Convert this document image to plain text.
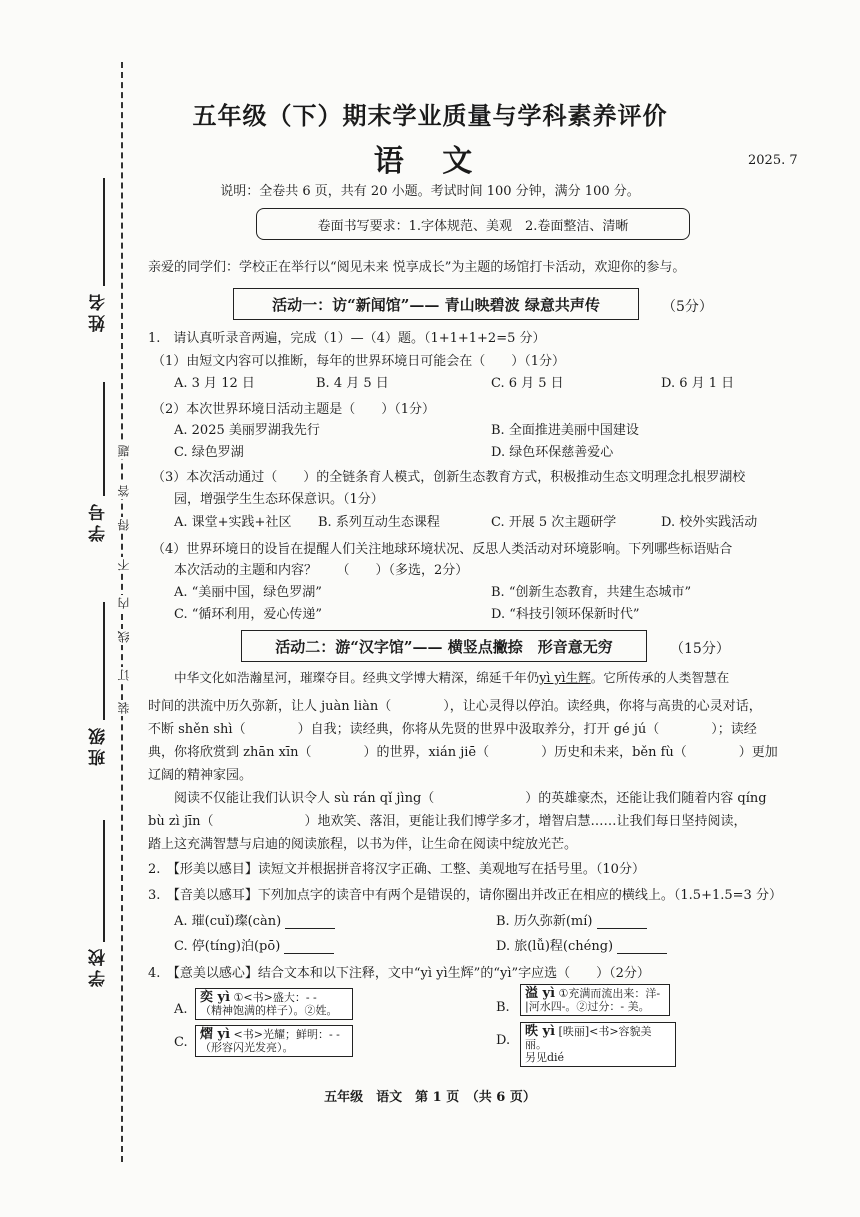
姓名
学号
班级
学校
题
答
得
不
内
线
订
装
五年级（下）期末学业质量与学科素养评价
语 文	2025. 7
说明：全卷共 6 页，共有 20 小题。考试时间 100 分钟，满分 100 分。
卷面书写要求：1.字体规范、美观　2.卷面整洁、清晰
亲爱的同学们：学校正在举行以“阅见未来 悦享成长”为主题的场馆打卡活动，欢迎你的参与。
活动一：访“新闻馆”—— 青山映碧波 绿意共声传	（5分）
1.　请认真听录音两遍，完成（1）—（4）题。（1+1+1+2=5 分）
（1）由短文内容可以推断，每年的世界环境日可能会在（　　）（1分）
A. 3 月 12 日	B. 4 月 5 日	C. 6 月 5 日	D. 6 月 1 日
（2）本次世界环境日活动主题是（　　）（1分）
A. 2025 美丽罗湖我先行	B. 全面推进美丽中国建设
C. 绿色罗湖	D. 绿色环保慈善爱心
（3）本次活动通过（　　）的全链条育人模式，创新生态教育方式，积极推动生态文明理念扎根罗湖校
园，增强学生生态环保意识。（1分）
A. 课堂+实践+社区 B. 系列互动生态课程	C. 开展 5 次主题研学	D. 校外实践活动
（4）世界环境日的设旨在提醒人们关注地球环境状况、反思人类活动对环境影响。下列哪些标语贴合
本次活动的主题和内容？　　（　　）（多选，2分）
A. “美丽中国，绿色罗湖”	B. “创新生态教育，共建生态城市”
C. “循环利用，爱心传递”	D. “科技引领环保新时代”
活动二：游“汉字馆”—— 横竖点撇捺　形音意无穷	（15分）
中华文化如浩瀚星河，璀璨夺目。经典文学博大精深，绵延千年仍yì yì生辉。它所传承的人类智慧在
时间的洪流中历久弥新，让人 juàn liàn（　　　　），让心灵得以停泊。读经典，你将与高贵的心灵对话，
不断 shěn shì（　　　　）自我；读经典，你将从先贤的世界中汲取养分，打开 gé jú（　　　　）；读经
典，你将欣赏到 zhān xīn（　　　　）的世界，xián jiē（　　　　）历史和未来，běn fù（　　　　）更加
辽阔的精神家园。
阅读不仅能让我们认识令人 sù rán qǐ jìng（　　　　　　　）的英雄豪杰，还能让我们随着内容 qíng
bù zì jīn（　　　　　　　）地欢笑、落泪，更能让我们博学多才，增智启慧……让我们每日坚持阅读，
踏上这充满智慧与启迪的阅读旅程，以书为伴，让生命在阅读中绽放光芒。
2.　【形美以感目】读短文并根据拼音将汉字正确、工整、美观地写在括号里。（10分）
3.　【音美以感耳】下列加点字的读音中有两个是错误的，请你圈出并改正在相应的横线上。（1.5+1.5=3 分）
A. 璀(cuǐ)璨(càn)	B. 历久弥新(mí)
C. 停(tíng)泊(pō)	D. 旅(lǚ)程(chéng)
4.　【意美以感心】结合文本和以下注释，文中“yì yì生辉”的“yì”字应选（　　）（2分）
A.
奕 yì ①<书>盛大：- -
（精神饱满的样子）。②姓。	B.
溢 yì ①充满而流出来：洋-
|河水四-。②过分：- 美。
C.
熠 yì <书>光耀；鲜明：- -
（形容闪光发亮）。	D.
昳 yì [昳丽]<书>容貌美丽。
另见dié
五年级　语文　第 1 页　（共 6 页）
